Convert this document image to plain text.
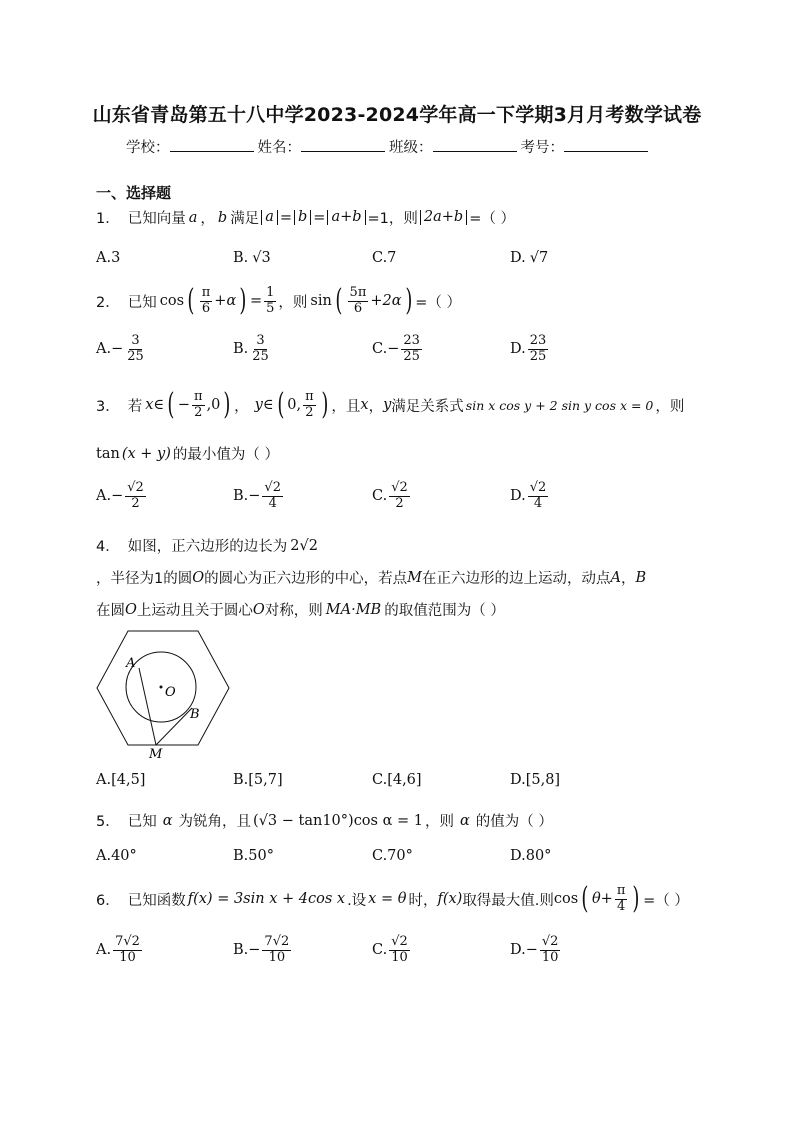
山东省青岛第五十八中学2023-2024学年高一下学期3月月考数学试卷
学校：	姓名：	班级：	考号：
一、选择题
1． 已知向量 a ， b 满足 a = b = a+b =1，则 2a+b =（ ）
A.3	B. √3	C.7	D. √7
2． 已知 cos ( $\frac{\pi}{6} +\alpha$ ) = $\frac{1}{5}$ ，则 sin ( $\frac{5\pi}{6} +2\alpha$ ) =（ ）
A. − $\frac{3}{25}$	B. $\frac{3}{25}$	C. − $\frac{23}{25}$	D. $\frac{23}{25}$
3． 若 x∈ ( − $\frac{\pi}{2} ,0$ ) ， y∈ ( 0, $\frac{\pi}{2}$ ) ，且 x ， y 满足关系式 sin x cos y + 2 sin y cos x = 0 ，则
tan (x + y) 的最小值为（ ）
A. − $\frac{√2}{2}$	B. − $\frac{√2}{4}$	C. $\frac{√2}{2}$	D. $\frac{√2}{4}$
4． 如图，正六边形的边长为 2√2
，半径为1的圆 O 的圆心为正六边形的中心，若点 M 在正六边形的边上运动，动点 A ， B
在圆 O 上运动且关于圆心 O 对称，则 MA·MB 的取值范围为（ ）
A
O
B
M
A. [4,5]	B. [5,7]	C. [4,6]	D. [5,8]
5． 已知 α 为锐角，且 (√3 − tan10°)cos α = 1 ，则 α 的值为（ ）
A.40°	B.50°	C.70°	D.80°
6． 已知函数 f(x) = 3sin x + 4cos x .设 x = θ 时， f(x) 取得最大值.则 cos ( $\theta+ \frac{\pi}{4}$ ) =（ ）
A. $\frac{7√2}{10}$	B. − $\frac{7√2}{10}$	C. $\frac{√2}{10}$	D. − $\frac{√2}{10}$
